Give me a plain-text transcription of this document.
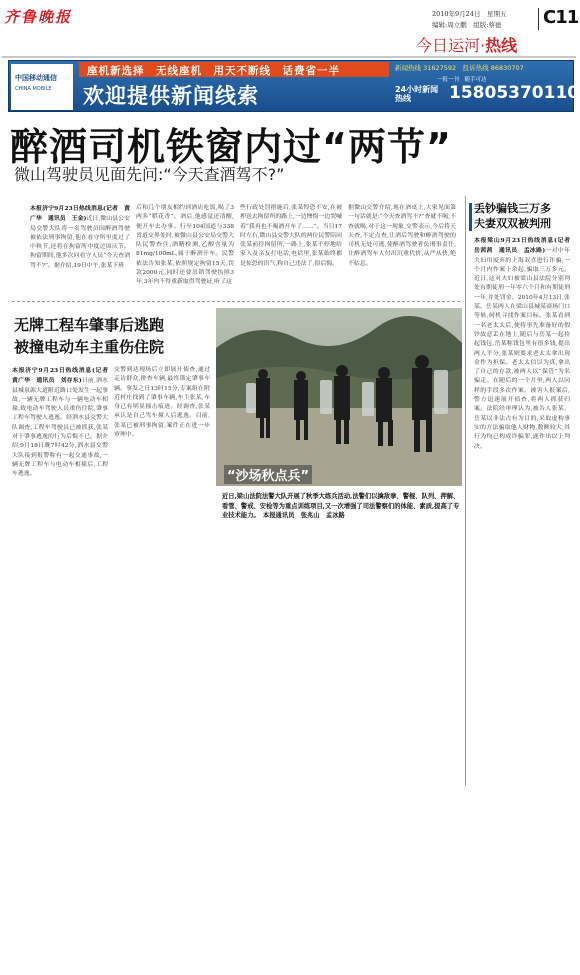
齐鲁晚报	2010年9月24日　星期五
编辑:周立鹏　组版:蔡德 C11
今日运河·热线
中国移动通信
CHINA MOBILE
座机新选择　无线座机　用天不断线　话费省一半
欢迎提供新闻线索
新闻热线 31627592　投诉热线 86830707
一报一刊　随手可达
24小时新闻热线	15805370110
醉酒司机铁窗内过“两节”
微山驾驶员见面先问:“今天查酒驾不?”
本报济宁9月23日热线消息(记者　黄广华　通讯员　王金)近日,微山县公安局交警大队将一名驾驶员因醉酒驾驶被依法刑事拘留,他在看守所里度过了中秋节,还将在拘留所中度过国庆节。拘留期间,他多次问看守人员“今天查酒驾不?”。据介绍,19日中午,张某下班
后和几个朋友相约到酒店吃饭,喝了3两多“稻花香”。酒后,他感觉还清醒,便开车去办事。行至104国道与338省道交界处时,被微山县公安局交警大队民警查住,酒精检测,乙醇含量为81mg/100mL,属于醉酒开车。民警依法告知张某,依照规定拘留15天,罚款2000元,同时还要吊销驾驶执照3年,3年内不得重新取得驾驶证,听了这
些行政处罚措施后,张某惶恐不安,在被押送去拘留所的路上,一边懊悔一边哭喊着“我再也不喝酒开车了……”。当日17时左右,微山县交警大队的两位民警陪同张某前往拘留所,一路上,张某不停地给家人及亲友打电话,电话里,张某始终都是惊恐的语气,称自己违法了,很后悔。
据微山交警介绍,现在酒桌上,大家见面第一句话就是:“今天查酒驾不?”查就不喝,不查就喝,对于这一现象,交警表示,今后将天天查,不定点查,让酒后驾驶和醉酒驾驶的司机无处可逃,使醉酒驾驶者负刑事责任,让醉酒驾车人付出沉重代价,从严从快,绝不姑息。
丢钞骗钱三万多
夫妻双双被判刑
本报梁山9月23日热线消息(记者　岳茜茜　通讯员　孟冰路)一对中年夫妇用废弃的上海双喜进行诈骗,一个月内作案十余起,骗取三万多元。近日,这对夫妇被梁山县法院分别判处有期徒刑一年零六个月和有期徒刑一年,并处罚金。2010年4月13日,张某、岳某两人在梁山县城某商场门口等候,伺机寻找作案目标。张某看到一名老太太后,便将事先准备好的假钞故意丢在地上,随后与岳某一起捡起钱包,岳某称钱包里有很多钱,提出两人平分,张某则要求老太太拿出现金作为担保。老太太信以为真,拿出了自己的存款,被两人以“保管”为名骗走。在随后的一个月里,两人以同样的手段多次作案。被害人报案后,警方迅速展开侦查,将两人抓获归案。法院经审理认为,被告人张某、岳某以非法占有为目的,采取虚构事实的方法骗取他人财物,数额较大,其行为均已构成诈骗罪,遂作出以上判决。
无牌工程车肇事后逃跑
被撞电动车主重伤住院
本报济宁9月23日热线消息(记者　黄广华　通讯员　刘存东)日前,泗水县城泉源大道附近路口处发生一起事故,一辆无牌工程车与一辆电动车相撞,致电动车驾驶人员重伤住院,肇事工程车驾驶人逃逸。经泗水县交警大队调查,工程车驾驶员已被抓获,张某对于肇事逃逸的行为后悔不已。据介绍,9月18日晚7时42分,泗水县交警大队接到报警称有一起交通事故,一辆无牌工程车与电动车相撞后,工程车逃逸。
交警到达现场后立即展开侦查,通过走访群众,排查车辆,最终锁定肇事车辆。事发之日13时15分,专案组在附近村庄找到了肇事车辆,车主张某,车身已有明显撞击痕迹。经调查,张某承认是自己驾车撞人后逃逸。目前,张某已被刑事拘留,案件正在进一步审理中。
“沙场秋点兵”
近日,梁山法院法警大队开展了秋季大练兵活动,法警们以擒敌拳、警棍、队列、押解、看管、警戒、安检等为重点训练项目,又一次增强了司法警察们的体能、素质,提高了专业技术能力。　本报通讯员　张兆山　孟冰路
